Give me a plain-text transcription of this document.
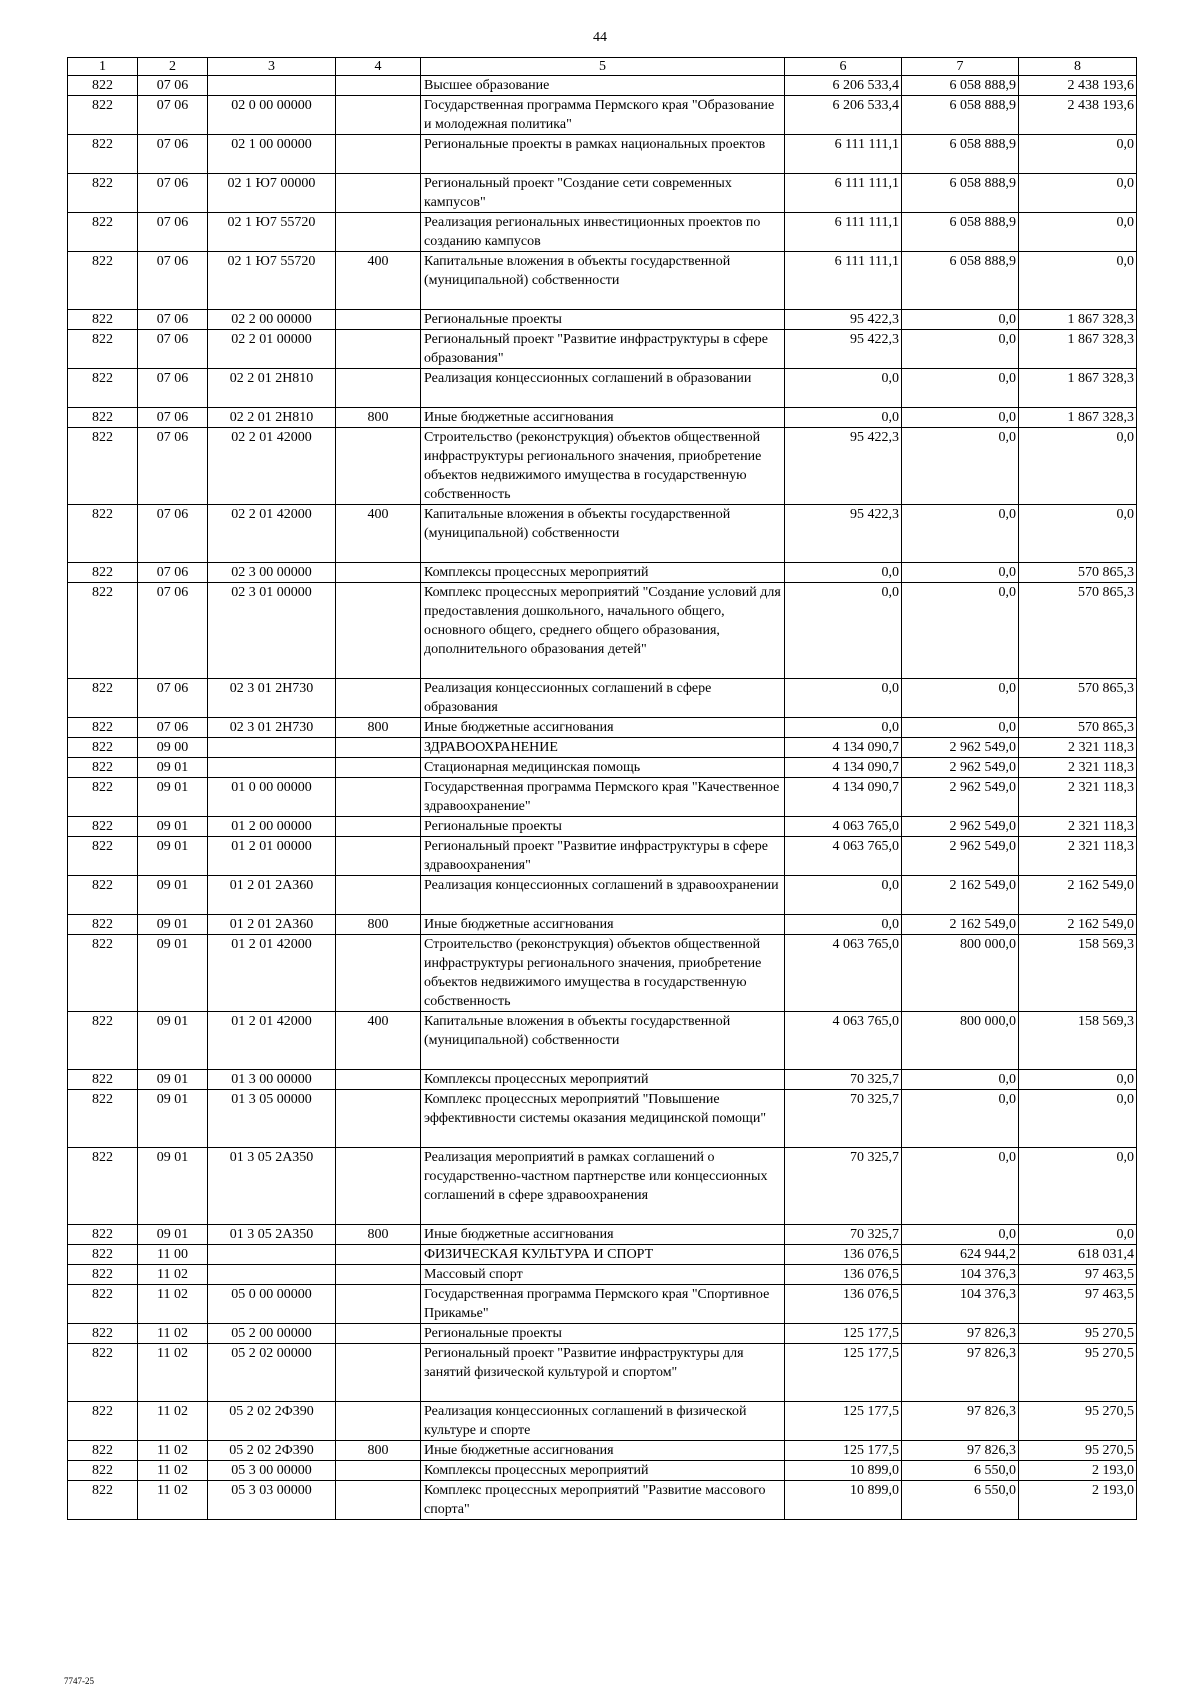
44
1	2	3	4	5	6	7	8
822	07 06			Высшее образование	6 206 533,4	6 058 888,9	2 438 193,6
822	07 06	02 0 00 00000		Государственная программа Пермского края "Образование и молодежная политика"	6 206 533,4	6 058 888,9	2 438 193,6
822	07 06	02 1 00 00000		Региональные проекты в рамках национальных проектов	6 111 111,1	6 058 888,9	0,0
822	07 06	02 1 Ю7 00000		Региональный проект "Создание сети современных кампусов"	6 111 111,1	6 058 888,9	0,0
822	07 06	02 1 Ю7 55720		Реализация региональных инвестиционных проектов по созданию кампусов	6 111 111,1	6 058 888,9	0,0
822	07 06	02 1 Ю7 55720	400	Капитальные вложения в объекты государственной (муниципальной) собственности	6 111 111,1	6 058 888,9	0,0
822	07 06	02 2 00 00000		Региональные проекты	95 422,3	0,0	1 867 328,3
822	07 06	02 2 01 00000		Региональный проект "Развитие инфраструктуры в сфере образования"	95 422,3	0,0	1 867 328,3
822	07 06	02 2 01 2Н810		Реализация концессионных соглашений в образовании	0,0	0,0	1 867 328,3
822	07 06	02 2 01 2Н810	800	Иные бюджетные ассигнования	0,0	0,0	1 867 328,3
822	07 06	02 2 01 42000		Строительство (реконструкция) объектов общественной инфраструктуры регионального значения, приобретение объектов недвижимого имущества в государственную собственность	95 422,3	0,0	0,0
822	07 06	02 2 01 42000	400	Капитальные вложения в объекты государственной (муниципальной) собственности	95 422,3	0,0	0,0
822	07 06	02 3 00 00000		Комплексы процессных мероприятий	0,0	0,0	570 865,3
822	07 06	02 3 01 00000		Комплекс процессных мероприятий "Создание условий для предоставления дошкольного, начального общего, основного общего, среднего общего образования, дополнительного образования детей"	0,0	0,0	570 865,3
822	07 06	02 3 01 2Н730		Реализация концессионных соглашений в сфере образования	0,0	0,0	570 865,3
822	07 06	02 3 01 2Н730	800	Иные бюджетные ассигнования	0,0	0,0	570 865,3
822	09 00			ЗДРАВООХРАНЕНИЕ	4 134 090,7	2 962 549,0	2 321 118,3
822	09 01			Стационарная медицинская помощь	4 134 090,7	2 962 549,0	2 321 118,3
822	09 01	01 0 00 00000		Государственная программа Пермского края "Качественное здравоохранение"	4 134 090,7	2 962 549,0	2 321 118,3
822	09 01	01 2 00 00000		Региональные проекты	4 063 765,0	2 962 549,0	2 321 118,3
822	09 01	01 2 01 00000		Региональный проект "Развитие инфраструктуры в сфере здравоохранения"	4 063 765,0	2 962 549,0	2 321 118,3
822	09 01	01 2 01 2А360		Реализация концессионных соглашений в здравоохранении	0,0	2 162 549,0	2 162 549,0
822	09 01	01 2 01 2А360	800	Иные бюджетные ассигнования	0,0	2 162 549,0	2 162 549,0
822	09 01	01 2 01 42000		Строительство (реконструкция) объектов общественной инфраструктуры регионального значения, приобретение объектов недвижимого имущества в государственную собственность	4 063 765,0	800 000,0	158 569,3
822	09 01	01 2 01 42000	400	Капитальные вложения в объекты государственной (муниципальной) собственности	4 063 765,0	800 000,0	158 569,3
822	09 01	01 3 00 00000		Комплексы процессных мероприятий	70 325,7	0,0	0,0
822	09 01	01 3 05 00000		Комплекс процессных мероприятий "Повышение эффективности системы оказания медицинской помощи"	70 325,7	0,0	0,0
822	09 01	01 3 05 2А350		Реализация мероприятий в рамках соглашений о государственно-частном партнерстве или концессионных соглашений в сфере здравоохранения	70 325,7	0,0	0,0
822	09 01	01 3 05 2А350	800	Иные бюджетные ассигнования	70 325,7	0,0	0,0
822	11 00			ФИЗИЧЕСКАЯ КУЛЬТУРА И СПОРТ	136 076,5	624 944,2	618 031,4
822	11 02			Массовый спорт	136 076,5	104 376,3	97 463,5
822	11 02	05 0 00 00000		Государственная программа Пермского края "Спортивное Прикамье"	136 076,5	104 376,3	97 463,5
822	11 02	05 2 00 00000		Региональные проекты	125 177,5	97 826,3	95 270,5
822	11 02	05 2 02 00000		Региональный проект "Развитие инфраструктуры для занятий физической культурой и спортом"	125 177,5	97 826,3	95 270,5
822	11 02	05 2 02 2Ф390		Реализация концессионных соглашений в физической культуре и спорте	125 177,5	97 826,3	95 270,5
822	11 02	05 2 02 2Ф390	800	Иные бюджетные ассигнования	125 177,5	97 826,3	95 270,5
822	11 02	05 3 00 00000		Комплексы процессных мероприятий	10 899,0	6 550,0	2 193,0
822	11 02	05 3 03 00000		Комплекс процессных мероприятий "Развитие массового спорта"	10 899,0	6 550,0	2 193,0
7747-25
